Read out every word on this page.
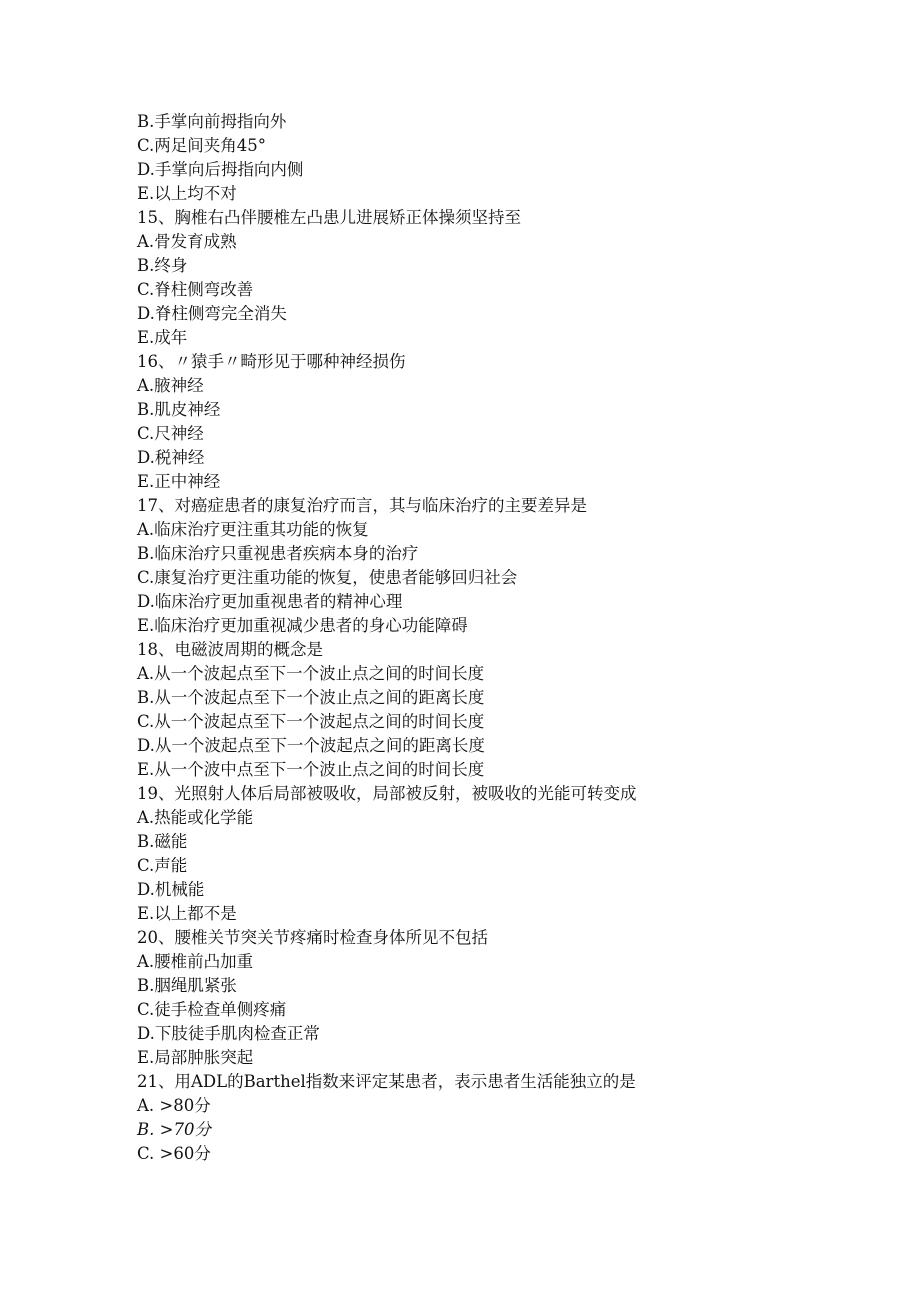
B.手掌向前拇指向外

C.两足间夹角45°

D.手掌向后拇指向内侧

E.以上均不对

15、胸椎右凸伴腰椎左凸患儿进展矫正体操须坚持至

A.骨发育成熟

B.终身

C.脊柱侧弯改善

D.脊柱侧弯完全消失

E.成年

16、〃猿手〃畸形见于哪种神经损伤

A.腋神经

B.肌皮神经

C.尺神经

D.税神经

E.正中神经

17、对癌症患者的康复治疗而言，其与临床治疗的主要差异是

A.临床治疗更注重其功能的恢复

B.临床治疗只重视患者疾病本身的治疗

C.康复治疗更注重功能的恢复，使患者能够回归社会

D.临床治疗更加重视患者的精神心理

E.临床治疗更加重视减少患者的身心功能障碍

18、电磁波周期的概念是

A.从一个波起点至下一个波止点之间的时间长度

B.从一个波起点至下一个波止点之间的距离长度

C.从一个波起点至下一个波起点之间的时间长度

D.从一个波起点至下一个波起点之间的距离长度

E.从一个波中点至下一个波止点之间的时间长度

19、光照射人体后局部被吸收，局部被反射，被吸收的光能可转变成

A.热能或化学能

B.磁能

C.声能

D.机械能

E.以上都不是

20、腰椎关节突关节疼痛时检查身体所见不包括

A.腰椎前凸加重

B.胭绳肌紧张

C.徒手检查单侧疼痛

D.下肢徒手肌肉检查正常

E.局部肿胀突起

21、用ADL的Barthel指数来评定某患者，表示患者生活能独立的是

A. >80分

B. >70分

C. >60分
